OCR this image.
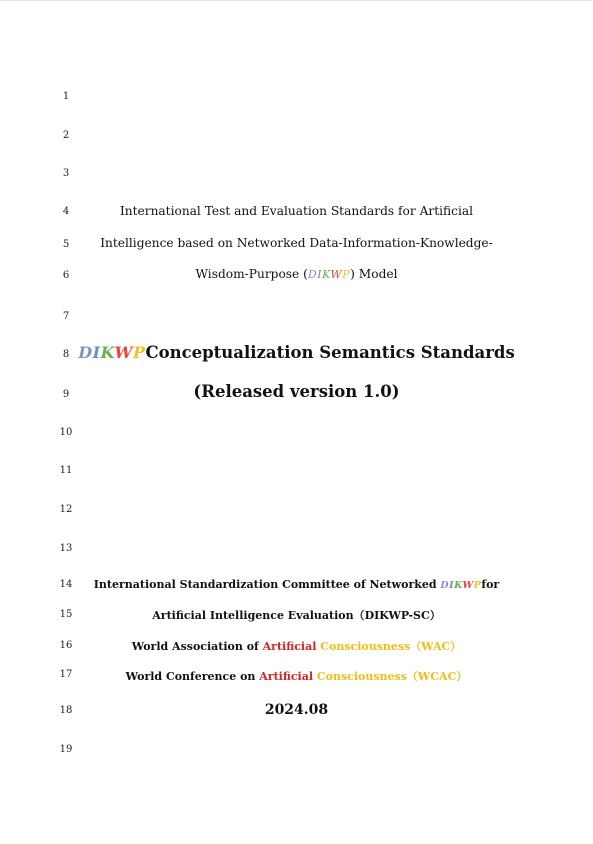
1
2
3
4
5
6
7
8
9
10
11
12
13
14
15
16
17
18
19
International Test and Evaluation Standards for Artificial
Intelligence based on Networked Data-Information-Knowledge-
Wisdom-Purpose (DIKWP) Model
DIKWPConceptualization Semantics Standards
(Released version 1.0)
International Standardization Committee of Networked DIKWPfor
Artificial Intelligence Evaluation（DIKWP-SC）
World Association of Artificial Consciousness（WAC）
World Conference on Artificial Consciousness（WCAC）
2024.08
